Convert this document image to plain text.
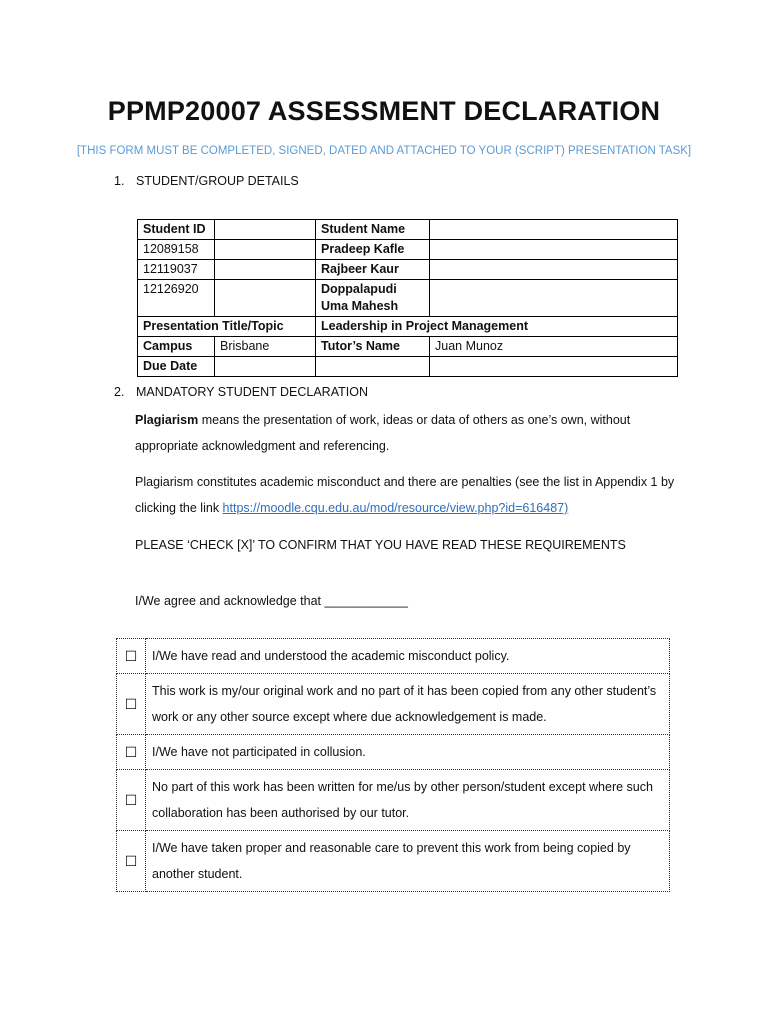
PPMP20007 ASSESSMENT DECLARATION
[THIS FORM MUST BE COMPLETED, SIGNED, DATED AND ATTACHED TO YOUR (SCRIPT) PRESENTATION TASK]
1. STUDENT/GROUP DETAILS
Student ID		Student Name	
12089158		Pradeep Kafle	
12119037		Rajbeer Kaur	
12126920		Doppalapudi Uma Mahesh	
Presentation Title/Topic		Leadership in Project Management	
Campus	Brisbane	Tutor’s Name	Juan Munoz
Due Date			
2. MANDATORY STUDENT DECLARATION
Plagiarism means the presentation of work, ideas or data of others as one’s own, without appropriate acknowledgment and referencing.
Plagiarism constitutes academic misconduct and there are penalties (see the list in Appendix 1 by clicking the link https://moodle.cqu.edu.au/mod/resource/view.php?id=616487)
PLEASE ‘CHECK [X]’ TO CONFIRM THAT YOU HAVE READ THESE REQUIREMENTS
I/We agree and acknowledge that ____________
☐	I/We have read and understood the academic misconduct policy.
☐	This work is my/our original work and no part of it has been copied from any other student’s work or any other source except where due acknowledgement is made.
☐	I/We have not participated in collusion.
☐	No part of this work has been written for me/us by other person/student except where such collaboration has been authorised by our tutor.
☐	I/We have taken proper and reasonable care to prevent this work from being copied by another student.
